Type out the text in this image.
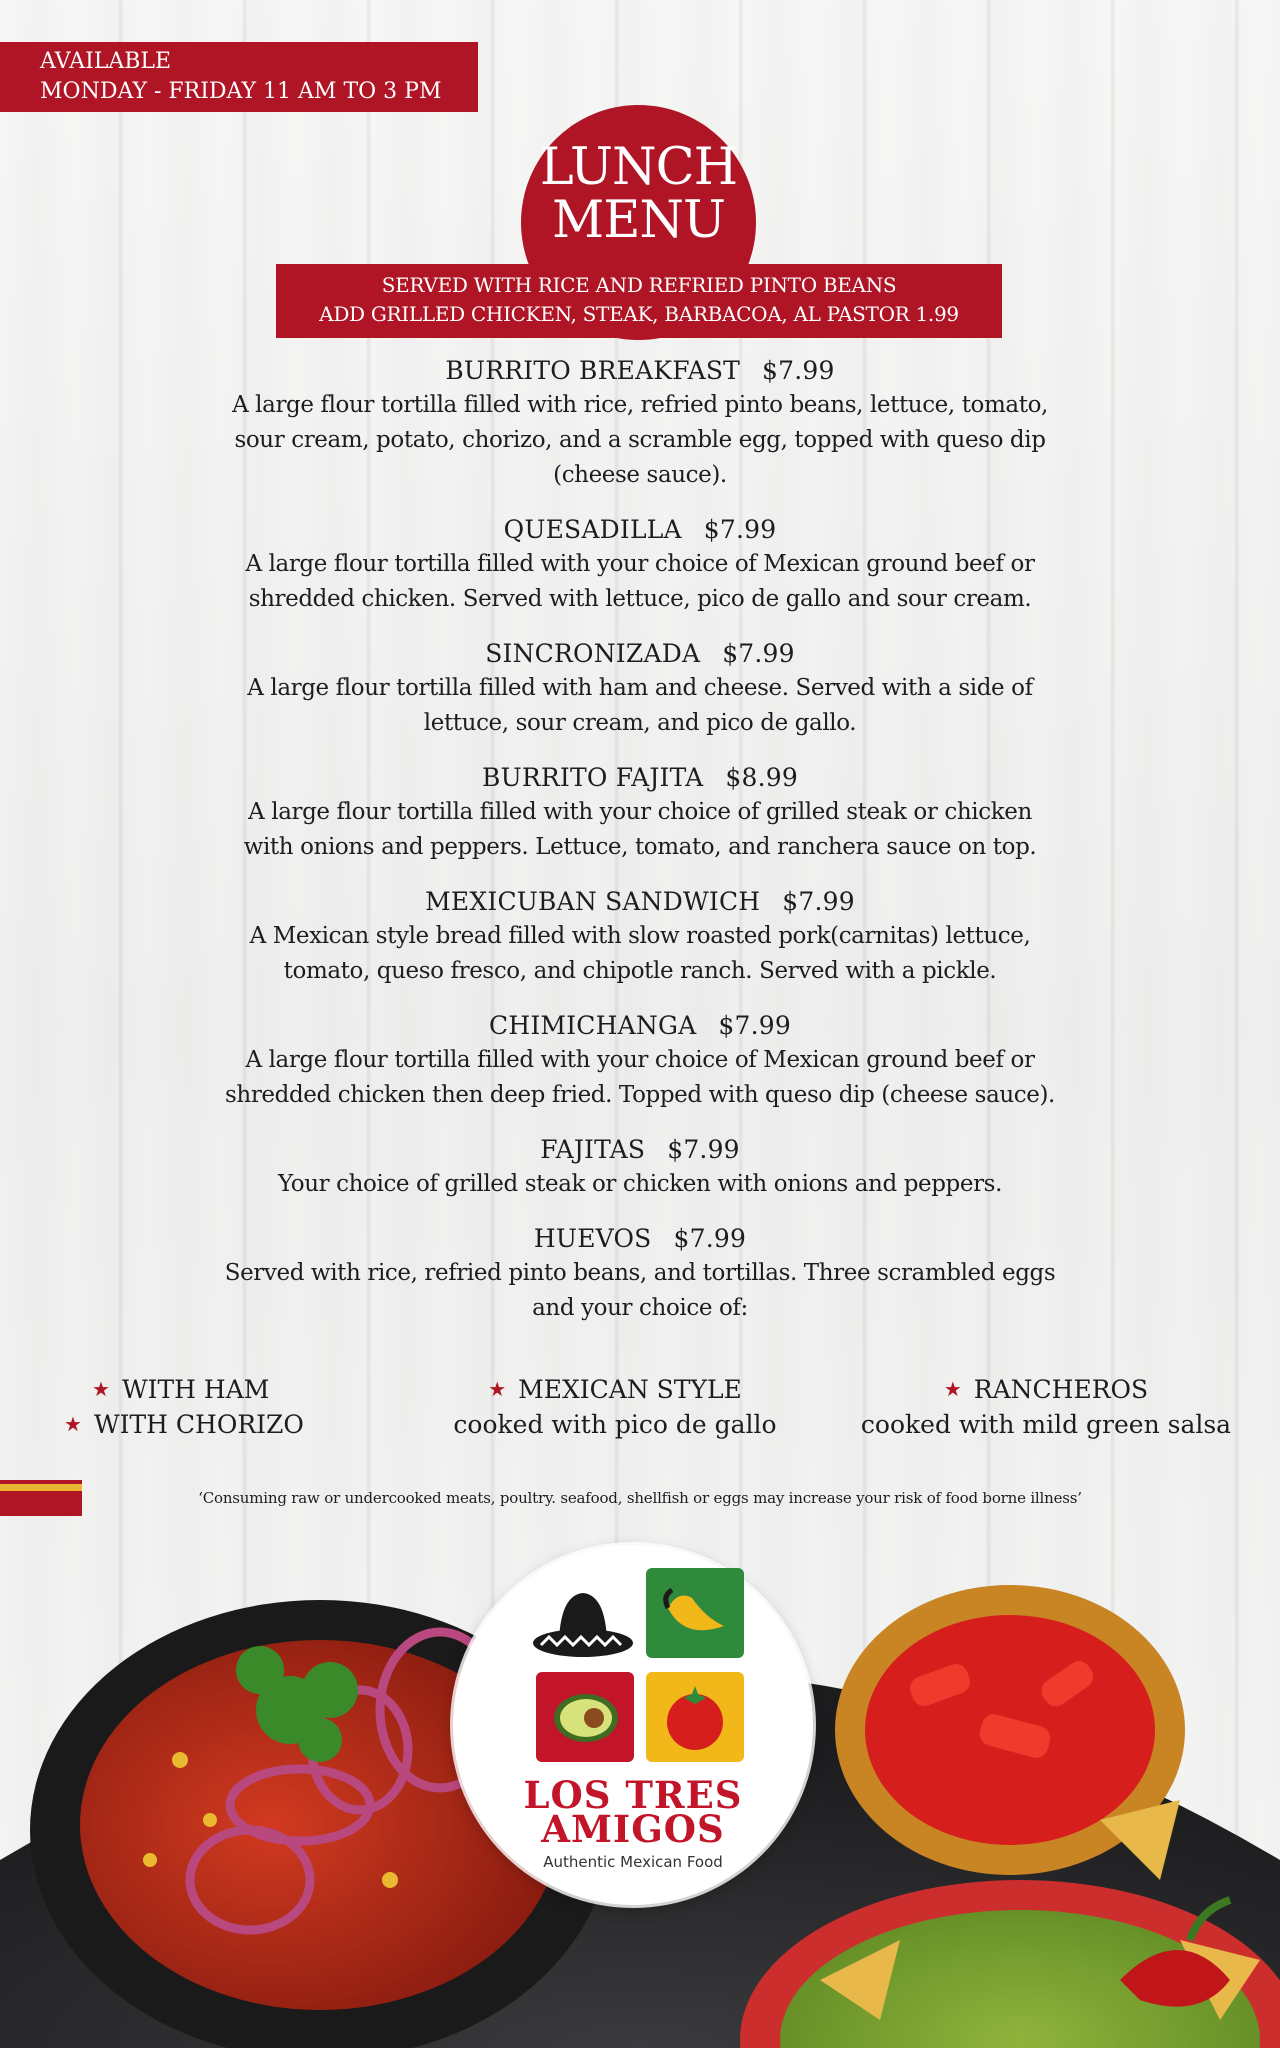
AVAILABLE
MONDAY - FRIDAY 11 AM TO 3 PM
LUNCH
MENU
SERVED WITH RICE AND REFRIED PINTO BEANS
ADD GRILLED CHICKEN, STEAK, BARBACOA, AL PASTOR 1.99
BURRITO BREAKFAST $7.99
A large flour tortilla filled with rice, refried pinto beans, lettuce, tomato,
sour cream, potato, chorizo, and a scramble egg, topped with queso dip
(cheese sauce).
QUESADILLA $7.99
A large flour tortilla filled with your choice of Mexican ground beef or
shredded chicken. Served with lettuce, pico de gallo and sour cream.
SINCRONIZADA $7.99
A large flour tortilla filled with ham and cheese. Served with a side of
lettuce, sour cream, and pico de gallo.
BURRITO FAJITA $8.99
A large flour tortilla filled with your choice of grilled steak or chicken
with onions and peppers. Lettuce, tomato, and ranchera sauce on top.
MEXICUBAN SANDWICH $7.99
A Mexican style bread filled with slow roasted pork(carnitas) lettuce,
tomato, queso fresco, and chipotle ranch. Served with a pickle.
CHIMICHANGA $7.99
A large flour tortilla filled with your choice of Mexican ground beef or
shredded chicken then deep fried. Topped with queso dip (cheese sauce).
FAJITAS $7.99
Your choice of grilled steak or chicken with onions and peppers.
HUEVOS $7.99
Served with rice, refried pinto beans, and tortillas. Three scrambled eggs
and your choice of:
★ WITH HAM
★ WITH CHORIZO
★ MEXICAN STYLE
cooked with pico de gallo
★ RANCHEROS
cooked with mild green salsa
‘Consuming raw or undercooked meats, poultry. seafood, shellfish or eggs may increase your risk of food borne illness’
LOS TRES
AMIGOS
Authentic Mexican Food
